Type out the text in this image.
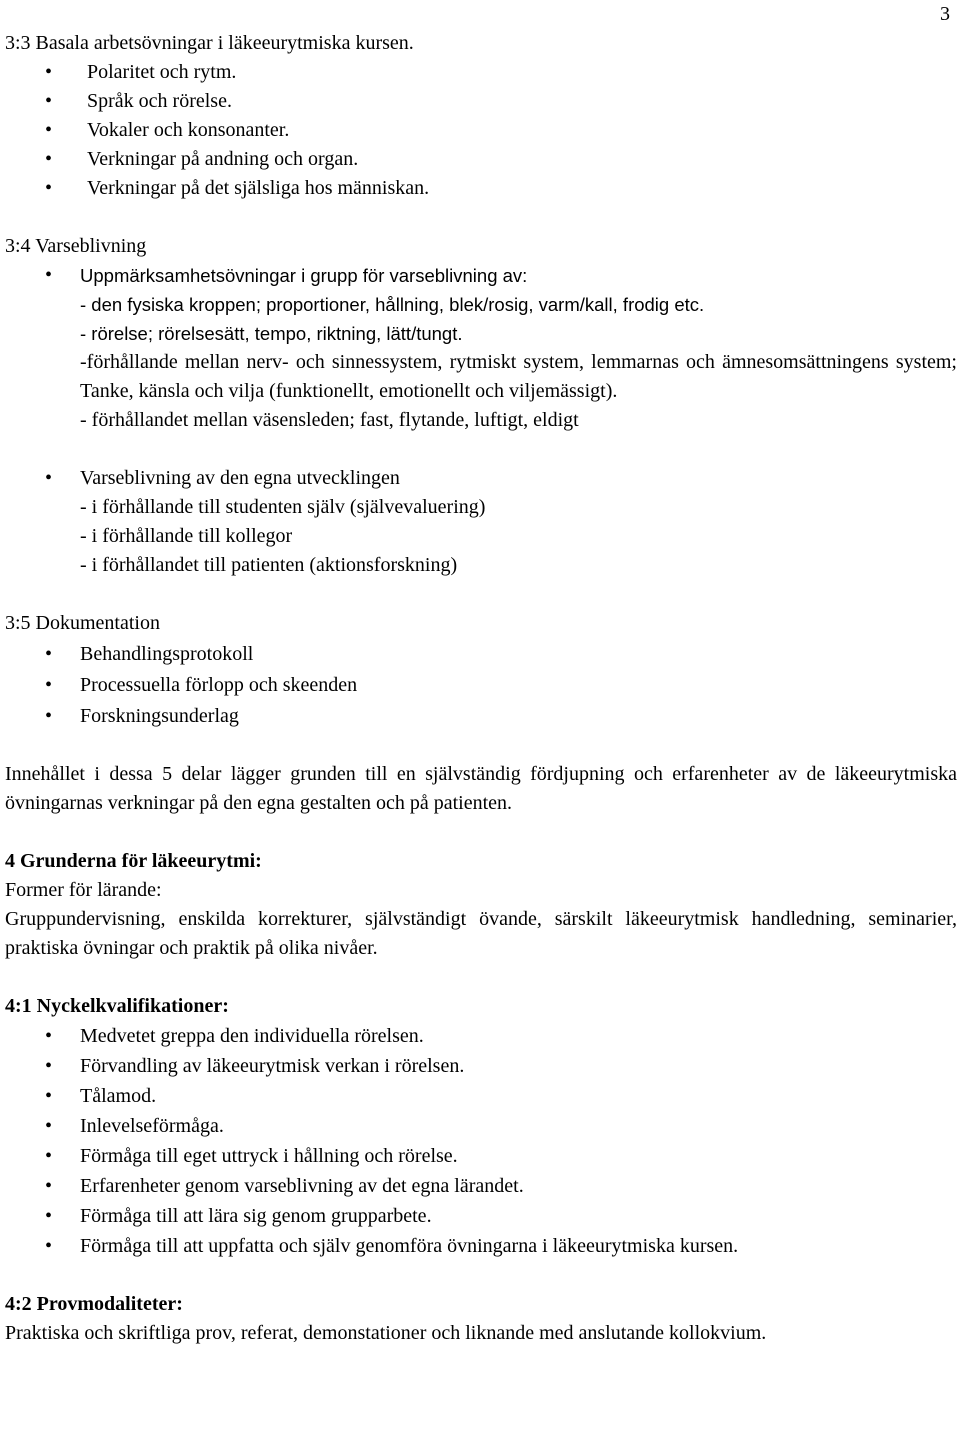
3

3:3 Basala arbetsövningar i läkeeurytmiska kursen.

•	Polaritet och rytm.
•	Språk och rörelse.
•	Vokaler och konsonanter.
•	Verkningar på andning och organ.
•	Verkningar på det själsliga hos människan.

3:4 Varseblivning

•	Uppmärksamhetsövningar i grupp för varseblivning av:

- den fysiska kroppen; proportioner, hållning, blek/rosig, varm/kall, frodig etc.

- rörelse; rörelsesätt, tempo, riktning, lätt/tungt.

-förhållande mellan nerv- och sinnessystem, rytmiskt system, lemmarnas och ämnesomsättningens system; Tanke, känsla och vilja (funktionellt, emotionellt och viljemässigt).

- förhållandet mellan väsensleden; fast, flytande, luftigt, eldigt

•	Varseblivning av den egna utvecklingen

- i förhållande till studenten själv (självevaluering)

- i förhållande till kollegor

- i förhållandet till patienten (aktionsforskning)

3:5 Dokumentation

•	Behandlingsprotokoll
•	Processuella förlopp och skeenden
•	Forskningsunderlag

Innehållet i dessa 5 delar lägger grunden till en självständig fördjupning och erfarenheter av de läkeeurytmiska övningarnas verkningar på den egna gestalten och på patienten.

4 Grunderna för läkeeurytmi:

Former för lärande:

Gruppundervisning, enskilda korrekturer, självständigt övande, särskilt läkeeurytmisk handledning, seminarier, praktiska övningar och praktik på olika nivåer.

4:1 Nyckelkvalifikationer:

•	Medvetet greppa den individuella rörelsen.
•	Förvandling av läkeeurytmisk verkan i rörelsen.
•	Tålamod.
•	Inlevelseförmåga.
•	Förmåga till eget uttryck i hållning och rörelse.
•	Erfarenheter genom varseblivning av det egna lärandet.
•	Förmåga till att lära sig genom grupparbete.
•	Förmåga till att uppfatta och själv genomföra övningarna i läkeeurytmiska kursen.

4:2 Provmodaliteter:

Praktiska och skriftliga prov, referat, demonstationer och liknande med anslutande kollokvium.
